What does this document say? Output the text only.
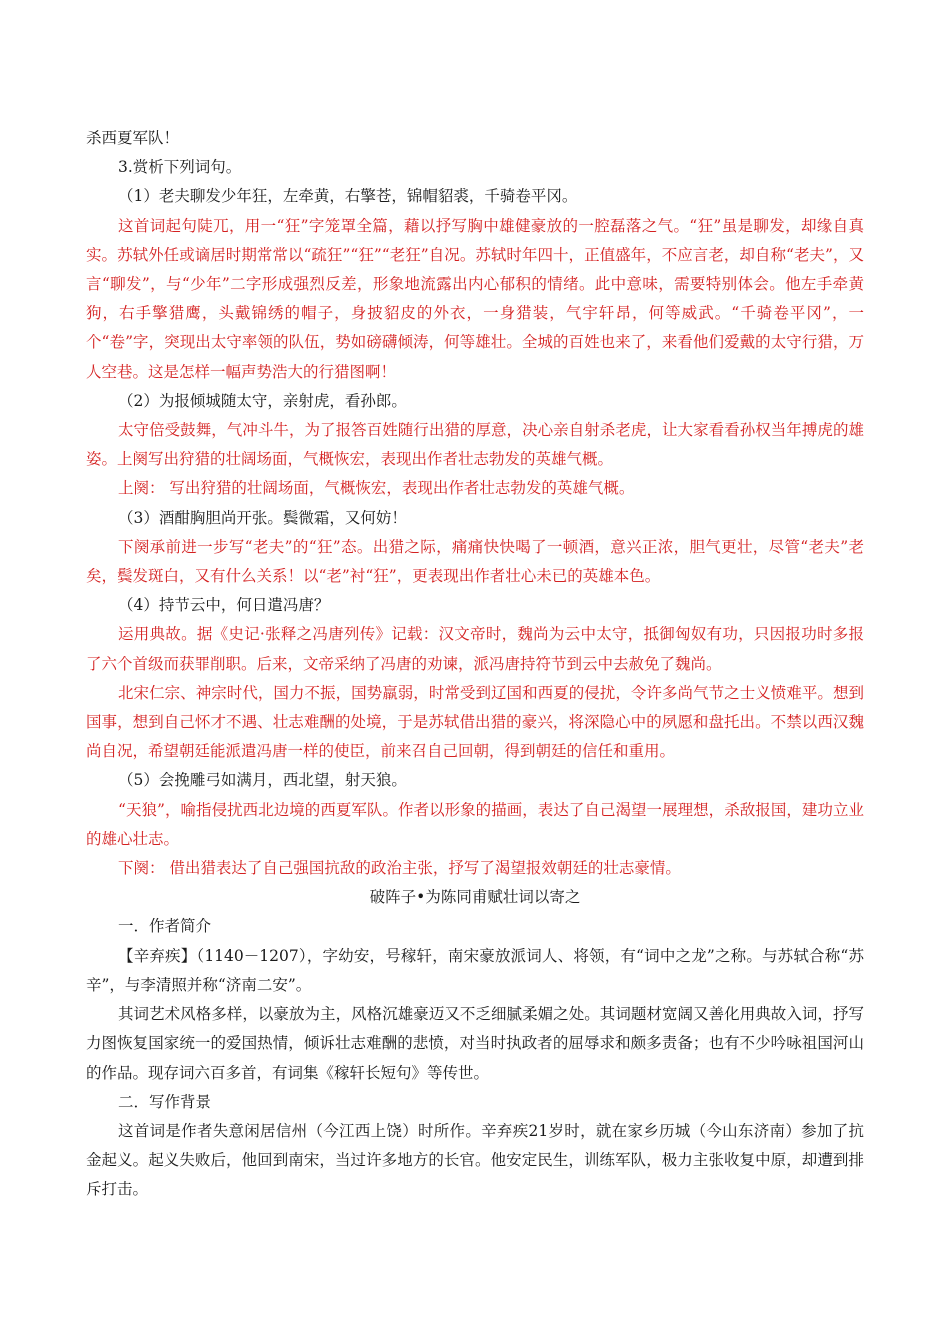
杀西夏军队！

3.赏析下列词句。

（1）老夫聊发少年狂，左牵黄，右擎苍，锦帽貂裘，千骑卷平冈。

这首词起句陡兀，用一“狂”字笼罩全篇，藉以抒写胸中雄健豪放的一腔磊落之气。“狂”虽是聊发，却缘自真实。苏轼外任或谪居时期常常以“疏狂”“狂”“老狂”自况。苏轼时年四十，正值盛年，不应言老，却自称“老夫”，又言“聊发”，与“少年”二字形成强烈反差，形象地流露出内心郁积的情绪。此中意味，需要特别体会。他左手牵黄狗，右手擎猎鹰，头戴锦绣的帽子，身披貂皮的外衣，一身猎装，气宇轩昂，何等威武。“千骑卷平冈”，一个“卷”字，突现出太守率领的队伍，势如磅礴倾涛，何等雄壮。全城的百姓也来了，来看他们爱戴的太守行猎，万人空巷。这是怎样一幅声势浩大的行猎图啊！

（2）为报倾城随太守，亲射虎，看孙郎。

太守倍受鼓舞，气冲斗牛，为了报答百姓随行出猎的厚意，决心亲自射杀老虎，让大家看看孙权当年搏虎的雄姿。上阕写出狩猎的壮阔场面，气概恢宏，表现出作者壮志勃发的英雄气概。

上阕： 写出狩猎的壮阔场面，气概恢宏，表现出作者壮志勃发的英雄气概。

（3）酒酣胸胆尚开张。鬓微霜，又何妨！

下阕承前进一步写“老夫”的“狂”态。出猎之际，痛痛快快喝了一顿酒，意兴正浓，胆气更壮，尽管“老夫”老矣，鬓发斑白，又有什么关系！以“老”衬“狂”，更表现出作者壮心未已的英雄本色。

（4）持节云中，何日遣冯唐？

运用典故。据《史记·张释之冯唐列传》记载：汉文帝时，魏尚为云中太守，抵御匈奴有功，只因报功时多报了六个首级而获罪削职。后来，文帝采纳了冯唐的劝谏，派冯唐持符节到云中去赦免了魏尚。

北宋仁宗、神宗时代，国力不振，国势羸弱，时常受到辽国和西夏的侵扰，令许多尚气节之士义愤难平。想到国事，想到自己怀才不遇、壮志难酬的处境，于是苏轼借出猎的豪兴，将深隐心中的夙愿和盘托出。不禁以西汉魏尚自况，希望朝廷能派遣冯唐一样的使臣，前来召自己回朝，得到朝廷的信任和重用。

（5）会挽雕弓如满月，西北望，射天狼。

“天狼”，喻指侵扰西北边境的西夏军队。作者以形象的描画，表达了自己渴望一展理想，杀敌报国，建功立业的雄心壮志。

下阕： 借出猎表达了自己强国抗敌的政治主张，抒写了渴望报效朝廷的壮志豪情。

破阵子•为陈同甫赋壮词以寄之

一．作者简介

【辛弃疾】（1140－1207），字幼安，号稼轩，南宋豪放派词人、将领，有“词中之龙”之称。与苏轼合称“苏辛”，与李清照并称“济南二安”。

其词艺术风格多样，以豪放为主，风格沉雄豪迈又不乏细腻柔媚之处。其词题材宽阔又善化用典故入词，抒写力图恢复国家统一的爱国热情，倾诉壮志难酬的悲愤，对当时执政者的屈辱求和颇多责备；也有不少吟咏祖国河山的作品。现存词六百多首，有词集《稼轩长短句》等传世。

二．写作背景

这首词是作者失意闲居信州（今江西上饶）时所作。辛弃疾21岁时，就在家乡历城（今山东济南）参加了抗金起义。起义失败后，他回到南宋，当过许多地方的长官。他安定民生，训练军队，极力主张收复中原，却遭到排斥打击。
